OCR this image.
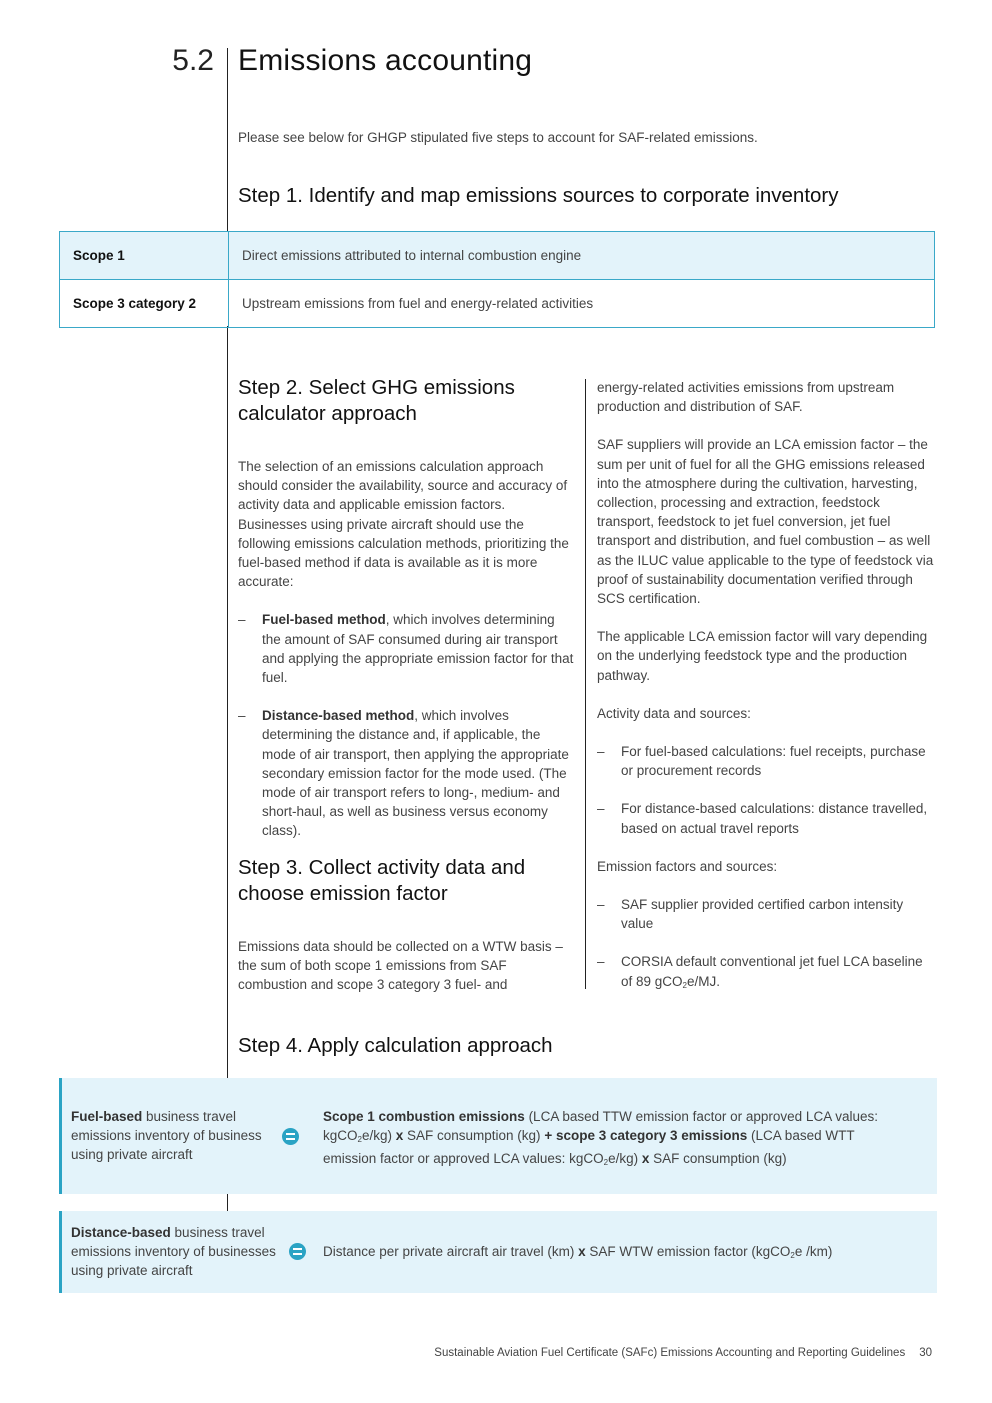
5.2 Emissions accounting

Please see below for GHGP stipulated five steps to account for SAF-related emissions.

Step 1. Identify and map emissions sources to corporate inventory
Scope 1	Direct emissions attributed to internal combustion engine
Scope 3 category 2	Upstream emissions from fuel and energy-related activities
Step 2. Select GHG emissions calculator approach

The selection of an emissions calculation approach should consider the availability, source and accuracy of activity data and applicable emission factors. Businesses using private aircraft should use the following emissions calculation methods, prioritizing the fuel-based method if data is available as it is more accurate:

– Fuel-based method, which involves determining the amount of SAF consumed during air transport and applying the appropriate emission factor for that fuel.
– Distance-based method, which involves determining the distance and, if applicable, the mode of air transport, then applying the appropriate secondary emission factor for the mode used. (The mode of air transport refers to long-, medium- and short-haul, as well as business versus economy class).
Step 3. Collect activity data and choose emission factor

Emissions data should be collected on a WTW basis – the sum of both scope 1 emissions from SAF combustion and scope 3 category 3 fuel- and

energy-related activities emissions from upstream production and distribution of SAF.

SAF suppliers will provide an LCA emission factor – the sum per unit of fuel for all the GHG emissions released into the atmosphere during the cultivation, harvesting, collection, processing and extraction, feedstock transport, feedstock to jet fuel conversion, jet fuel transport and distribution, and fuel combustion – as well as the ILUC value applicable to the type of feedstock via proof of sustainability documentation verified through SCS certification.

The applicable LCA emission factor will vary depending on the underlying feedstock type and the production pathway.

Activity data and sources:

– For fuel-based calculations: fuel receipts, purchase or procurement records
– For distance-based calculations: distance travelled, based on actual travel reports

Emission factors and sources:

– SAF supplier provided certified carbon intensity value
– CORSIA default conventional jet fuel LCA baseline of 89 gCO$_2$e/MJ.
Step 4. Apply calculation approach
Fuel-based business travel emissions inventory of business using private aircraft
Scope 1 combustion emissions (LCA based TTW emission factor or approved LCA values:
kgCO$_2$e/kg) x SAF consumption (kg) + scope 3 category 3 emissions (LCA based WTT
emission factor or approved LCA values: kgCO$_2$e/kg) x SAF consumption (kg)
Distance-based business travel emissions inventory of businesses using private aircraft
Distance per private aircraft air travel (km) x SAF WTW emission factor (kgCO$_2$e /km)
Sustainable Aviation Fuel Certificate (SAFc) Emissions Accounting and Reporting Guidelines 30
